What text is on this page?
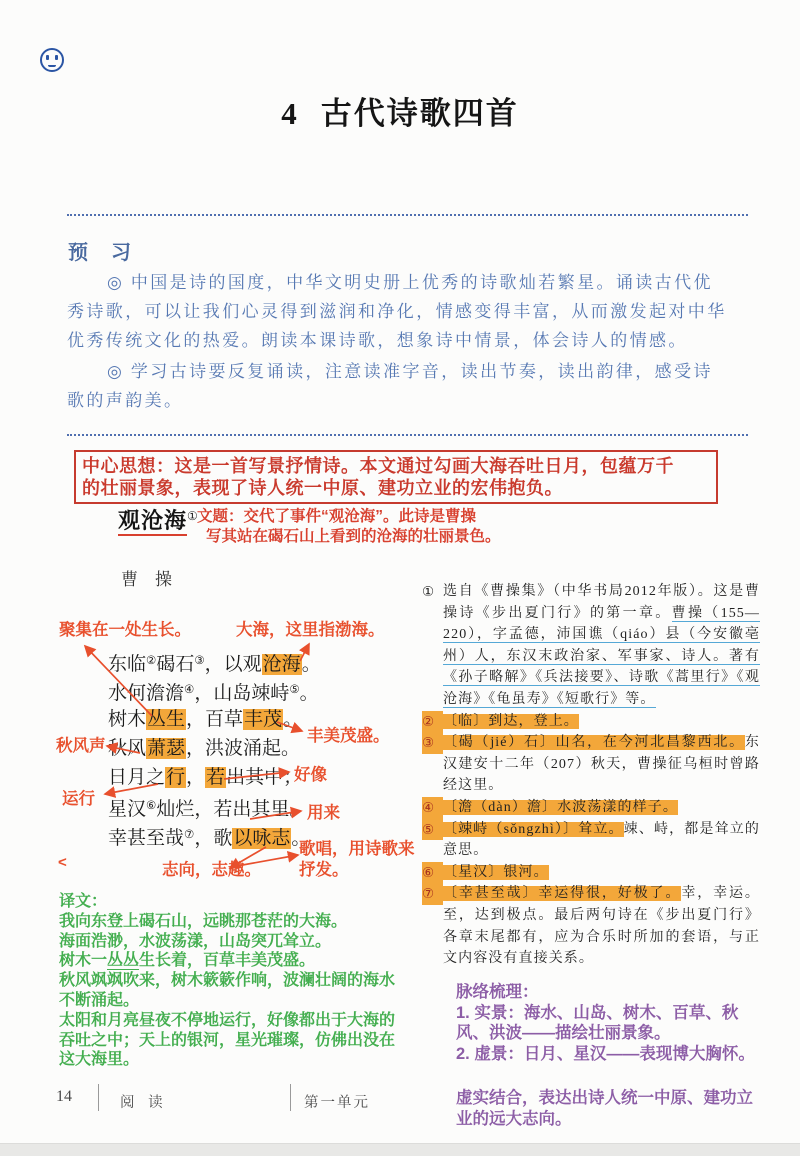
4 古代诗歌四首
预 习
◎ 中国是诗的国度，中华文明史册上优秀的诗歌灿若繁星。诵读古代优
秀诗歌，可以让我们心灵得到滋润和净化，情感变得丰富，从而激发起对中华
优秀传统文化的热爱。朗读本课诗歌，想象诗中情景，体会诗人的情感。
◎ 学习古诗要反复诵读，注意读准字音，读出节奏，读出韵律，感受诗
歌的声韵美。
中心思想：这是一首写景抒情诗。本文通过勾画大海吞吐日月，包蕴万千
的壮丽景象，表现了诗人统一中原、建功立业的宏伟抱负。
观沧海① 文题：交代了事件“观沧海”。此诗是曹操
写其站在碣石山上看到的沧海的壮丽景色。
曹　操
东临②碣石③，以观沧海。
水何澹澹④，山岛竦峙⑤。
树木丛生，百草丰茂。
秋风萧瑟，洪波涌起。
日月之行，若出其中；
星汉⑥灿烂，若出其里。
幸甚至哉⑦，歌以咏志。
聚集在一处生长。	大海，这里指渤海。
丰美茂盛。
秋风声
好像
运行
用来
歌唱，用诗歌来抒发。
志向，志趣。
<
译文：
我向东登上碣石山，远眺那苍茫的大海。
海面浩渺，水波荡漾，山岛突兀耸立。
树木一丛丛生长着，百草丰美茂盛。
秋风飒飒吹来，树木簌簌作响，波澜壮阔的海水
不断涌起。
太阳和月亮昼夜不停地运行，好像都出于大海的
吞吐之中；天上的银河，星光璀璨，仿佛出没在
这大海里。
① 选自《曹操集》（中华书局2012年版）。这是曹操诗《步出夏门行》的第一章。曹操（155—220），字孟德，沛国谯（qiáo）县（今安徽亳州）人，东汉末政治家、军事家、诗人。著有《孙子略解》《兵法接要》、诗歌《蒿里行》《观沧海》《龟虽寿》《短歌行》等。
② 〔临〕到达，登上。
③ 〔碣（jié）石〕山名，在今河北昌黎西北。东汉建安十二年（207）秋天，曹操征乌桓时曾路经这里。
④ 〔澹（dàn）澹〕水波荡漾的样子。
⑤ 〔竦峙（sǒngzhì）〕耸立。竦、峙，都是耸立的意思。
⑥ 〔星汉〕银河。
⑦ 〔幸甚至哉〕幸运得很，好极了。幸，幸运。至，达到极点。最后两句诗在《步出夏门行》各章末尾都有，应为合乐时所加的套语，与正文内容没有直接关系。
脉络梳理：
1. 实景：海水、山岛、树木、百草、秋风、洪波——描绘壮丽景象。
2. 虚景：日月、星汉——表现博大胸怀。
虚实结合，表达出诗人统一中原、建功立业的远大志向。
14	阅 读	第一单元
